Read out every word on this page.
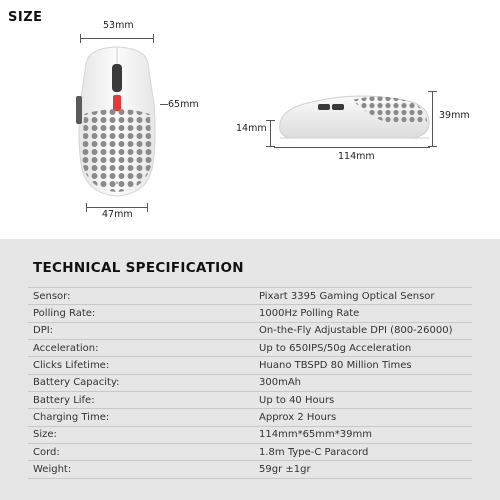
SIZE
53mm
≋
65mm
47mm
39mm
14mm
114mm
TECHNICAL SPECIFICATION
Sensor:	Pixart 3395 Gaming Optical Sensor
Polling Rate:	1000Hz Polling Rate
DPI:	On-the-Fly Adjustable DPI (800-26000)
Acceleration:	Up to 650IPS/50g Acceleration
Clicks Lifetime:	Huano TBSPD 80 Million Times
Battery Capacity:	300mAh
Battery Life:	Up to 40 Hours
Charging Time:	Approx 2 Hours
Size:	114mm*65mm*39mm
Cord:	1.8m Type-C Paracord
Weight:	59gr ±1gr
